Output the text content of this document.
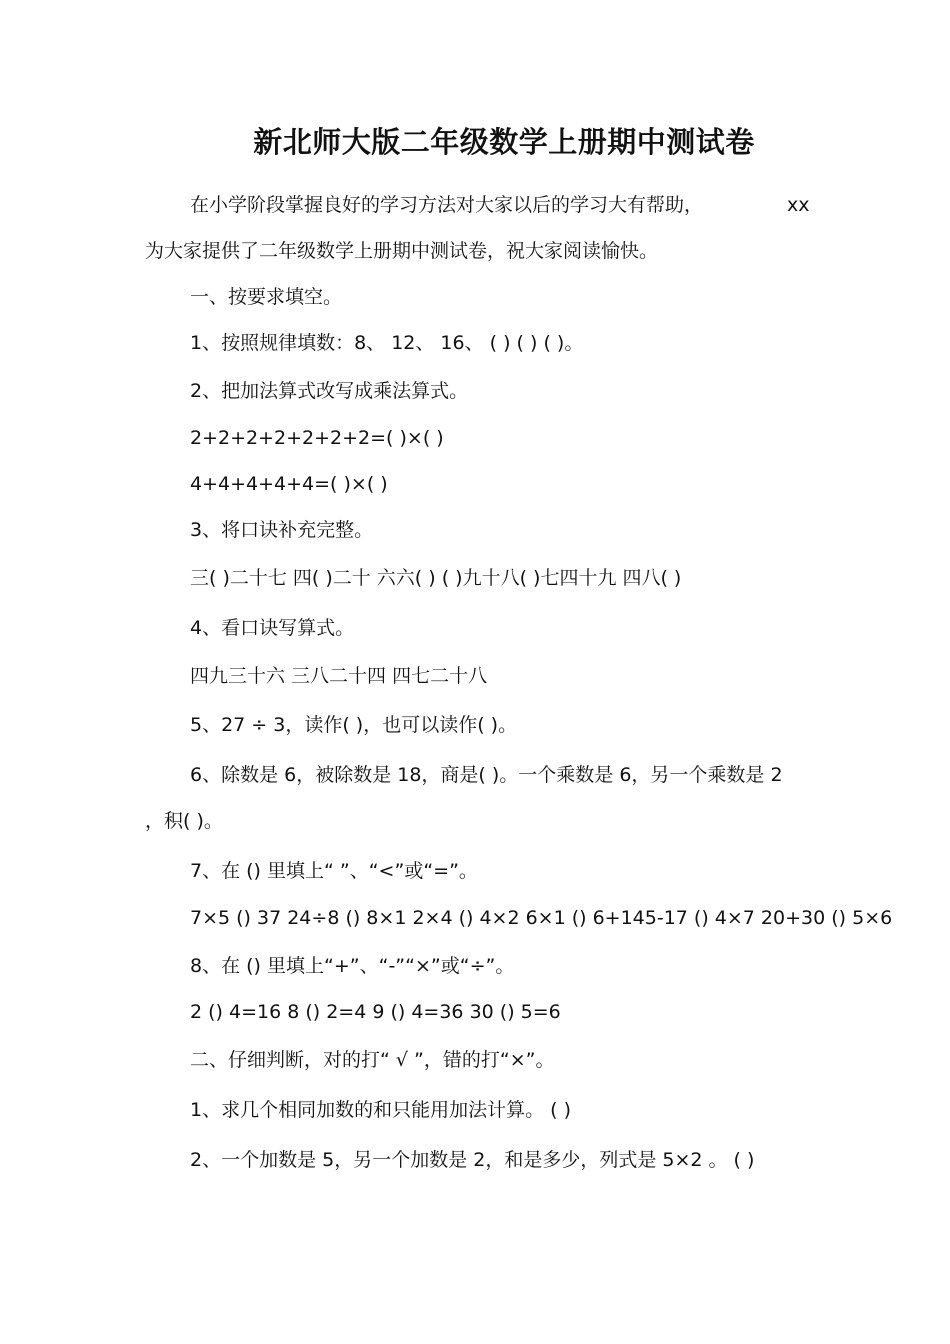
新北师大版二年级数学上册期中测试卷
在小学阶段掌握良好的学习方法对大家以后的学习大有帮助，	xx
为大家提供了二年级数学上册期中测试卷，祝大家阅读愉快。
一、按要求填空。
1、按照规律填数：8、 12、 16、 ( ) ( ) ( )。
2、把加法算式改写成乘法算式。
2+2+2+2+2+2+2=( )×( )
4+4+4+4+4=( )×( )
3、将口诀补充完整。
三( )二十七 四( )二十 六六( ) ( )九十八( )七四十九 四八( )
4、看口诀写算式。
四九三十六 三八二十四 四七二十八
5、27 ÷ 3，读作( )，也可以读作( )。
6、除数是 6，被除数是 18，商是( )。一个乘数是 6，另一个乘数是 2
，积( )。
7、在 () 里填上“ ”、“<”或“=”。
7×5 () 37 24÷8 () 8×1 2×4 () 4×2 6×1 () 6+145-17 () 4×7 20+30 () 5×6
8、在 () 里填上“+”、“-”“×”或“÷”。
2 () 4=16 8 () 2=4 9 () 4=36 30 () 5=6
二、仔细判断，对的打“ √ ”，错的打“×”。
1、求几个相同加数的和只能用加法计算。 ( )
2、一个加数是 5，另一个加数是 2，和是多少，列式是 5×2 。 ( )
